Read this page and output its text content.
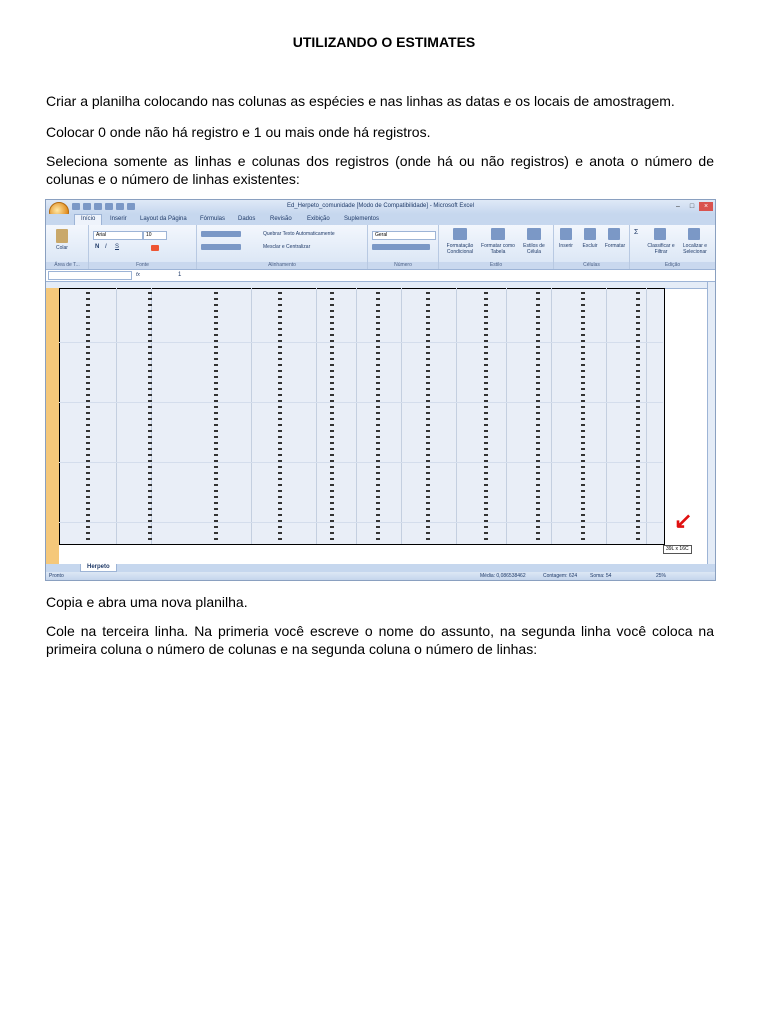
UTILIZANDO O ESTIMATES
Criar a planilha colocando nas colunas as espécies e nas linhas as datas e os locais de amostragem.
Colocar 0 onde não há registro e 1 ou mais onde há registros.
Seleciona somente as linhas e colunas dos registros (onde há ou não registros) e anota o número de colunas e o número de linhas existentes:
Ed_Herpeto_comunidade [Modo de Compatibilidade] - Microsoft Excel	–	□	×
Início	Inserir	Layout da Página	Fórmulas	Dados	Revisão	Exibição	Suplementos
Colar
Área de T...
Arial	10
N I S
Fonte
Quebrar Texto Automaticamente
Mesclar e Centralizar
Alinhamento
Geral
Número
Formatação Condicional
Formatar como Tabela
Estilos de Célula
Estilo
Inserir	Excluir	Formatar
Células
Σ
Classificar e Filtrar
Localizar e Selecionar
Edição
fx	1
↙
39L x 16C
Herpeto
Pronto	Média: 0,086538462	Contagem: 624	Soma: 54	25%
Copia e abra uma nova planilha.
Cole na terceira linha. Na primeria você escreve o nome do assunto, na segunda linha você coloca na primeira coluna o número de colunas e na segunda coluna o número de linhas:
